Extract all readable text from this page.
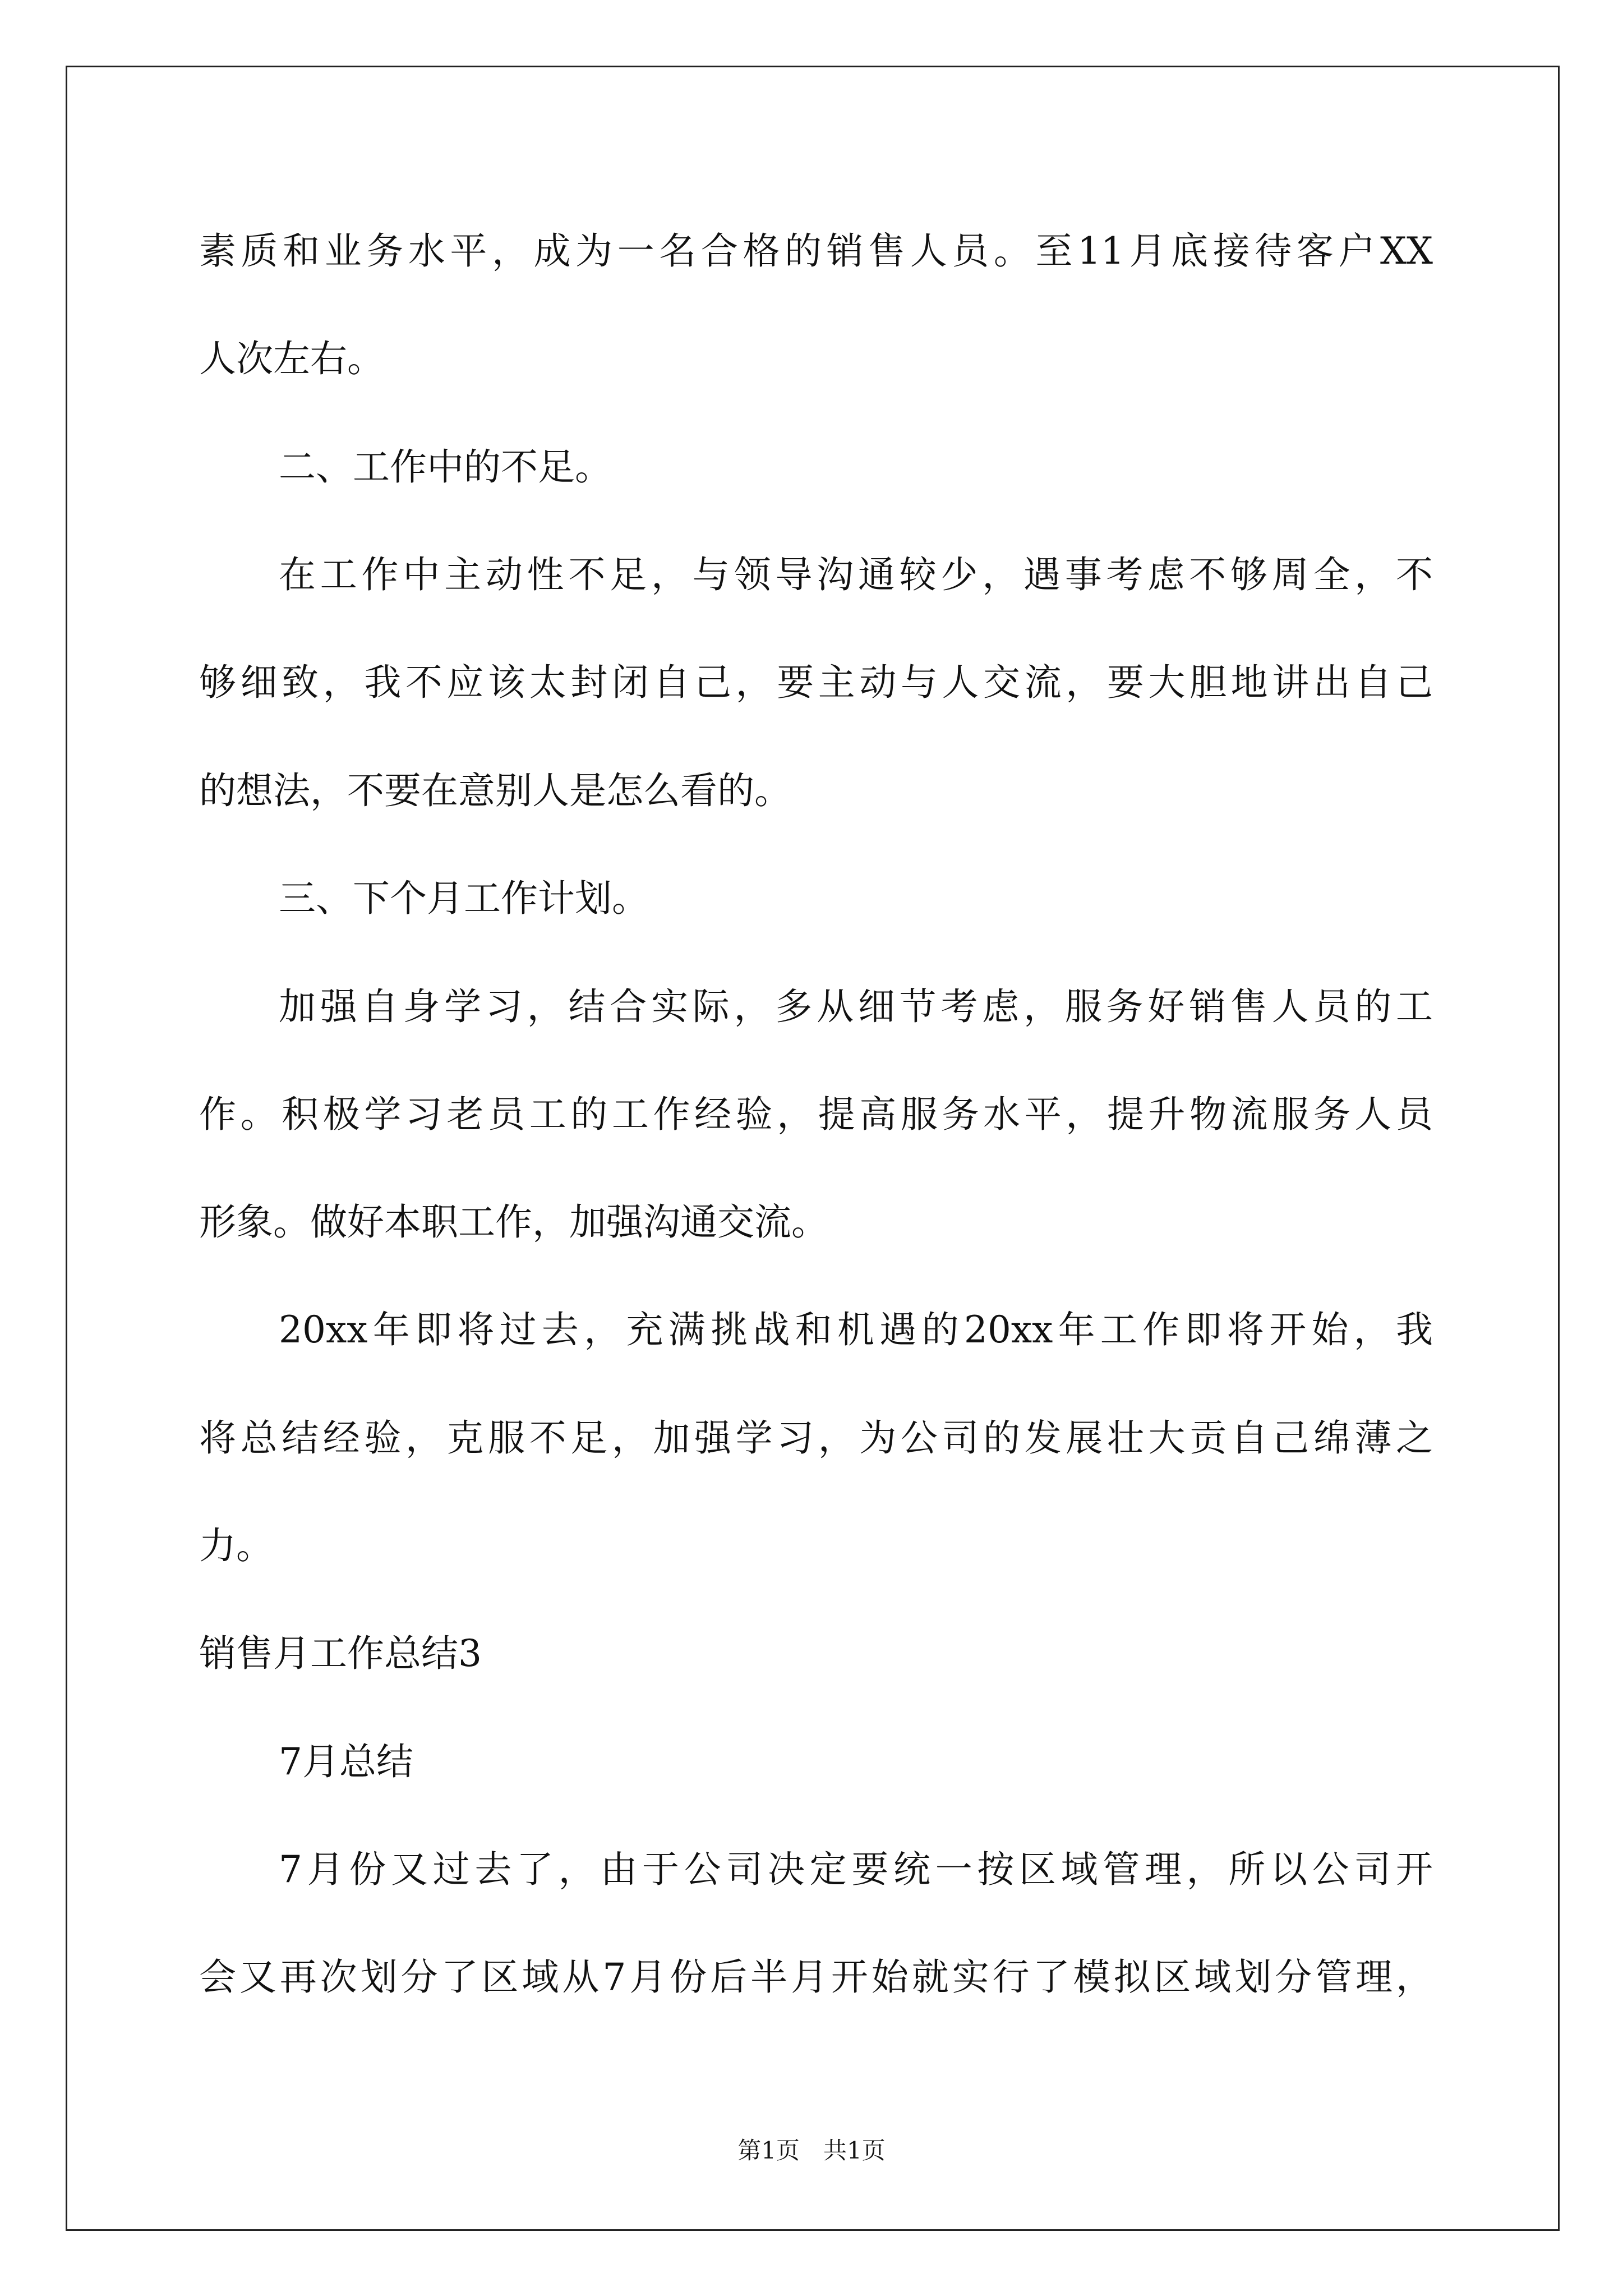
素质和业务水平，成为一名合格的销售人员。至11月底接待客户XX
人次左右。
二、工作中的不足。
在工作中主动性不足，与领导沟通较少，遇事考虑不够周全，不
够细致，我不应该太封闭自己，要主动与人交流，要大胆地讲出自己
的想法，不要在意别人是怎么看的。
三、下个月工作计划。
加强自身学习，结合实际，多从细节考虑，服务好销售人员的工
作。积极学习老员工的工作经验，提高服务水平，提升物流服务人员
形象。做好本职工作，加强沟通交流。
20xx年即将过去，充满挑战和机遇的20xx年工作即将开始，我
将总结经验，克服不足，加强学习，为公司的发展壮大贡自己绵薄之
力。
销售月工作总结3
7月总结
7月份又过去了，由于公司决定要统一按区域管理，所以公司开
会又再次划分了区域从7月份后半月开始就实行了模拟区域划分管理，
第1页　共1页
